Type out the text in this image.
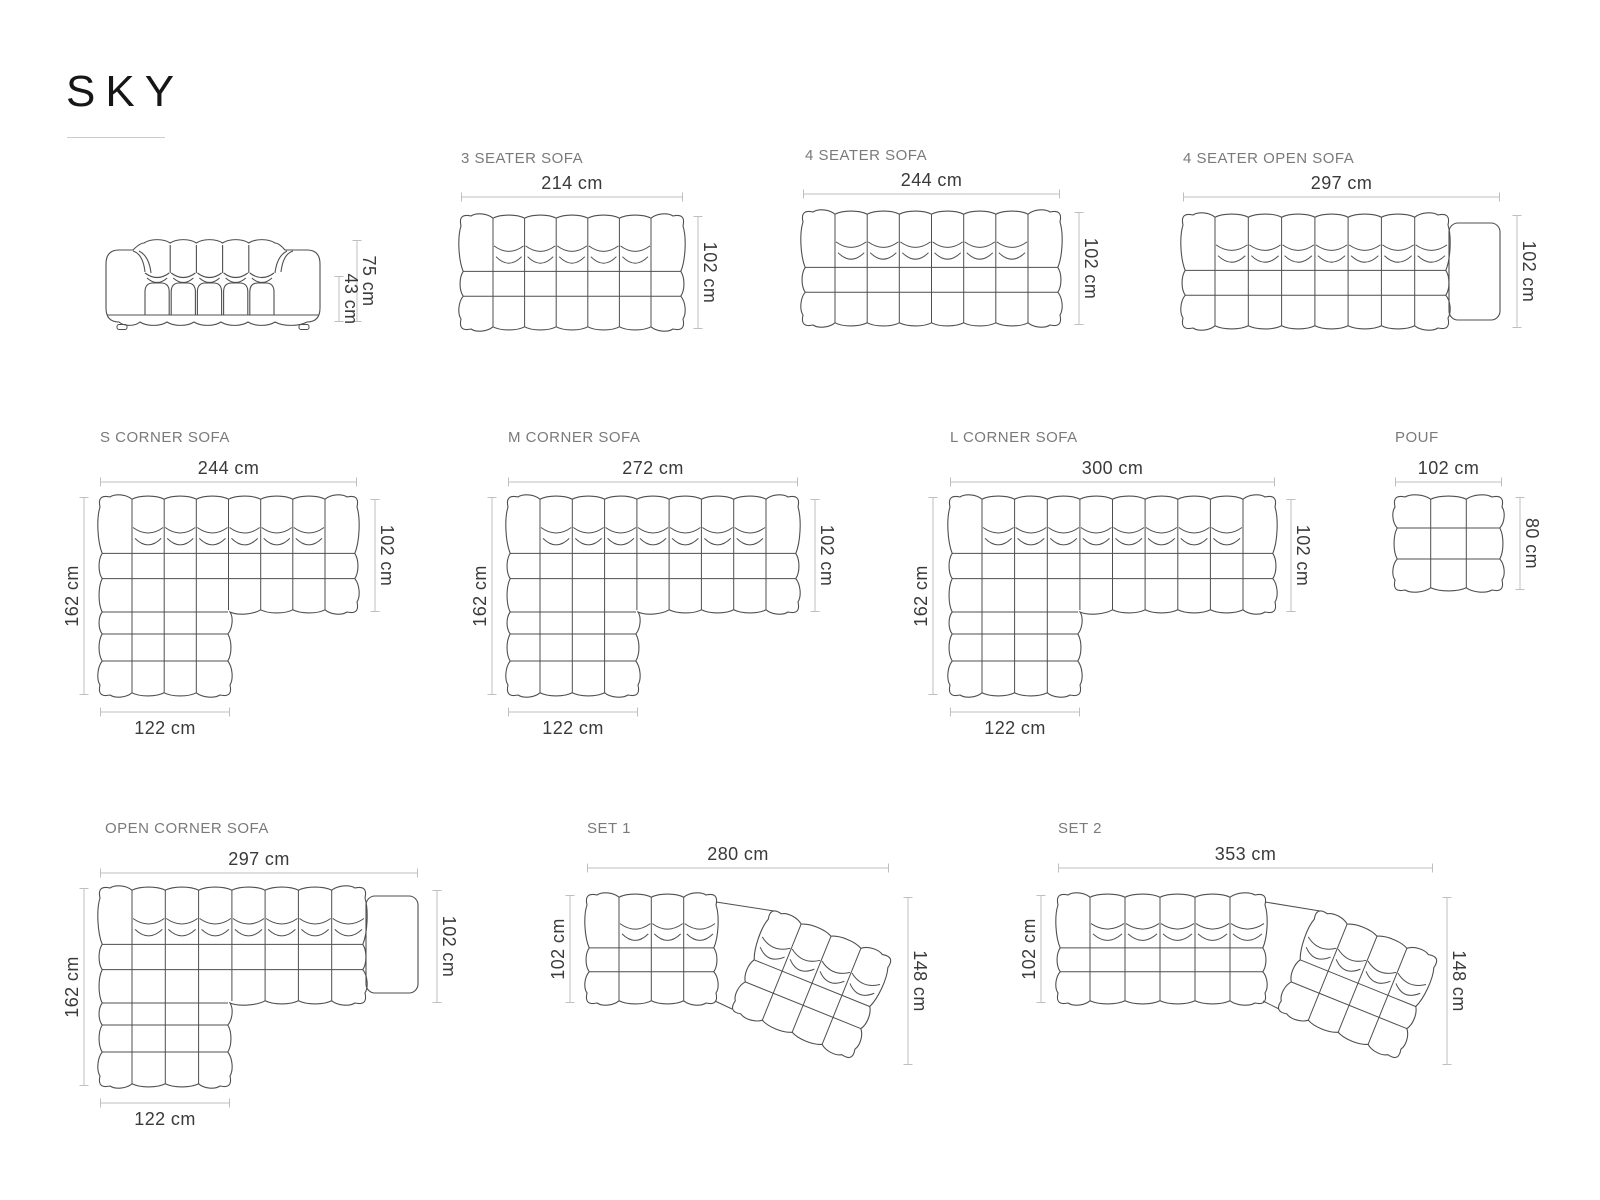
SKY
75 cm
43 cm
214 cm
102 cm
244 cm
102 cm
297 cm
102 cm
244 cm
162 cm
102 cm
122 cm
272 cm
162 cm
102 cm
122 cm
300 cm
162 cm
102 cm
122 cm
102 cm
80 cm
297 cm
162 cm
102 cm
122 cm
280 cm
102 cm
148 cm
353 cm
102 cm
148 cm
3 SEATER SOFA	4 SEATER SOFA	4 SEATER OPEN SOFA
S CORNER SOFA	M CORNER SOFA	L CORNER SOFA	POUF
OPEN CORNER SOFA	SET 1	SET 2
